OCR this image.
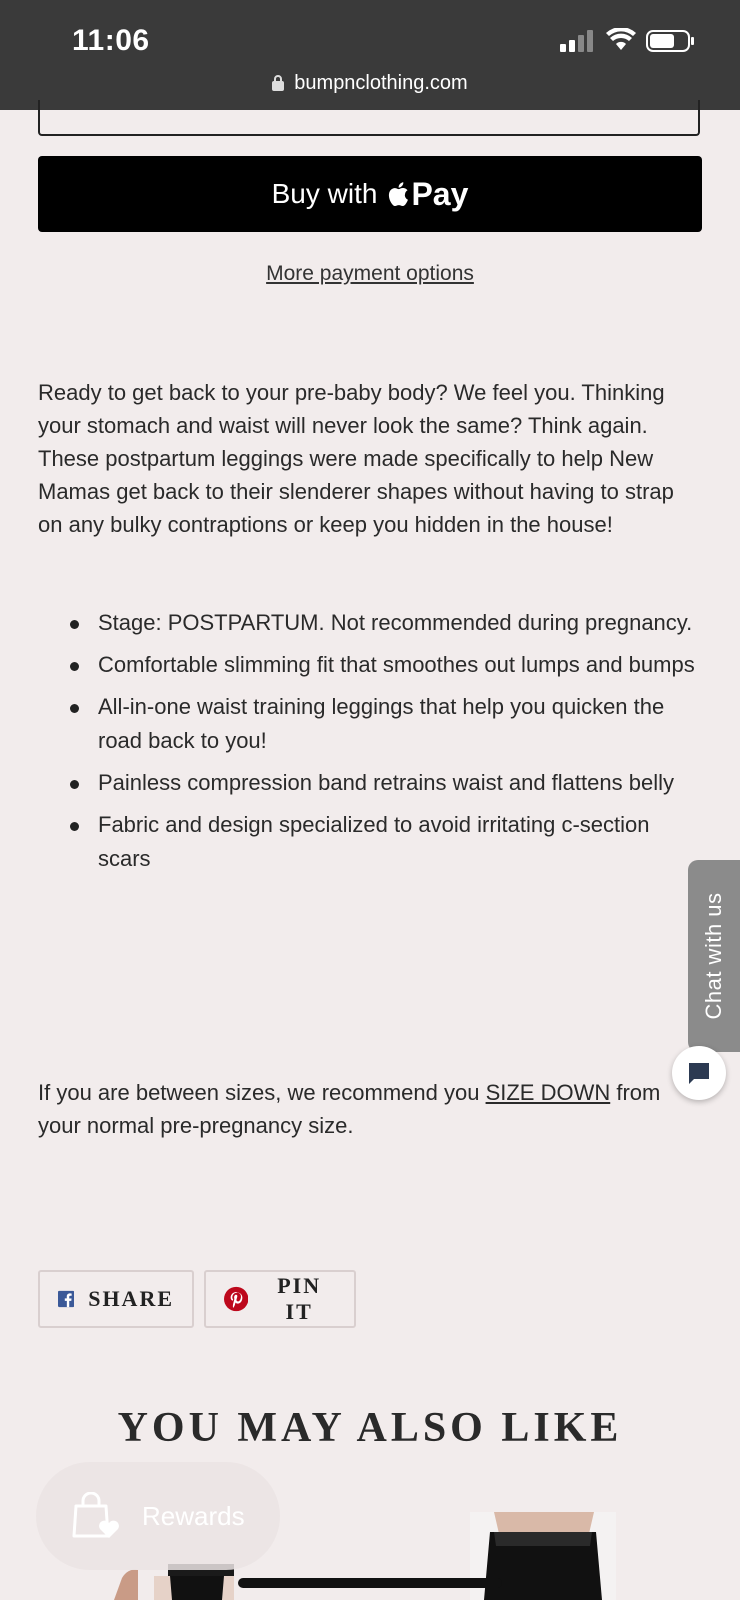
11:06
bumpnclothing.com
Buy with Pay
More payment options
Ready to get back to your pre-baby body? We feel you. Thinking your stomach and waist will never look the same? Think again. These postpartum leggings were made specifically to help New Mamas get back to their slenderer shapes without having to strap on any bulky contraptions or keep you hidden in the house!
Stage: POSTPARTUM. Not recommended during pregnancy.
Comfortable slimming fit that smoothes out lumps and bumps
All-in-one waist training leggings that help you quicken the road back to you!
Painless compression band retrains waist and flattens belly
Fabric and design specialized to avoid irritating c-section scars
If you are between sizes, we recommend you SIZE DOWN from your normal pre-pregnancy size.
SHARE
PIN IT
YOU MAY ALSO LIKE
Chat with us
Rewards
